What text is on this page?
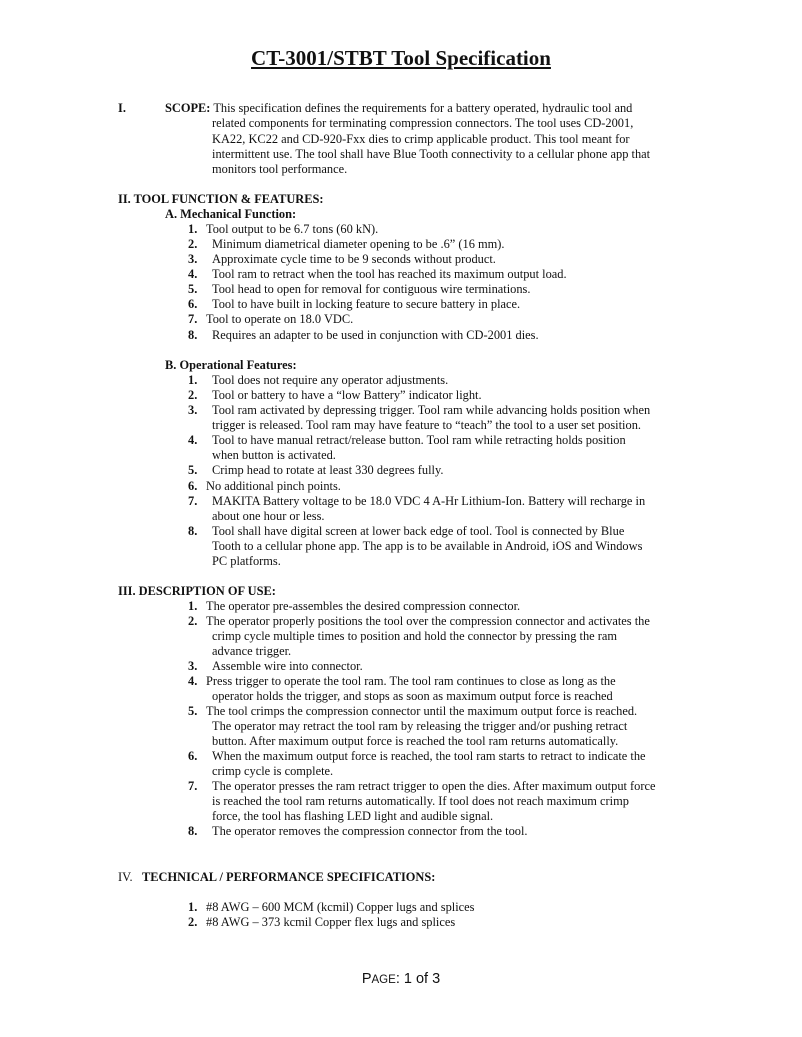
CT-3001/STBT Tool Specification
I.	SCOPE: This specification defines the requirements for a battery operated, hydraulic tool and
related components for terminating compression connectors. The tool uses CD-2001,
KA22, KC22 and CD-920-Fxx dies to crimp applicable product. This tool meant for
intermittent use. The tool shall have Blue Tooth connectivity to a cellular phone app that
monitors tool performance.
II. TOOL FUNCTION & FEATURES:
A. Mechanical Function:
1. Tool output to be 6.7 tons (60 kN).
2. Minimum diametrical diameter opening to be .6” (16 mm).
3. Approximate cycle time to be 9 seconds without product.
4. Tool ram to retract when the tool has reached its maximum output load.
5. Tool head to open for removal for contiguous wire terminations.
6. Tool to have built in locking feature to secure battery in place.
7. Tool to operate on 18.0 VDC.
8. Requires an adapter to be used in conjunction with CD-2001 dies.
B. Operational Features:
1. Tool does not require any operator adjustments.
2. Tool or battery to have a “low Battery” indicator light.
3. Tool ram activated by depressing trigger. Tool ram while advancing holds position when
trigger is released. Tool ram may have feature to “teach” the tool to a user set position.
4. Tool to have manual retract/release button. Tool ram while retracting holds position
when button is activated.
5. Crimp head to rotate at least 330 degrees fully.
6. No additional pinch points.
7. MAKITA Battery voltage to be 18.0 VDC 4 A-Hr Lithium-Ion. Battery will recharge in
about one hour or less.
8. Tool shall have digital screen at lower back edge of tool. Tool is connected by Blue
Tooth to a cellular phone app. The app is to be available in Android, iOS and Windows
PC platforms.
III. DESCRIPTION OF USE:
1. The operator pre-assembles the desired compression connector.
2. The operator properly positions the tool over the compression connector and activates the
crimp cycle multiple times to position and hold the connector by pressing the ram
advance trigger.
3. Assemble wire into connector.
4. Press trigger to operate the tool ram. The tool ram continues to close as long as the
operator holds the trigger, and stops as soon as maximum output force is reached
5. The tool crimps the compression connector until the maximum output force is reached.
The operator may retract the tool ram by releasing the trigger and/or pushing retract
button. After maximum output force is reached the tool ram returns automatically.
6. When the maximum output force is reached, the tool ram starts to retract to indicate the
crimp cycle is complete.
7. The operator presses the ram retract trigger to open the dies. After maximum output force
is reached the tool ram returns automatically. If tool does not reach maximum crimp
force, the tool has flashing LED light and audible signal.
8. The operator removes the compression connector from the tool.
IV. TECHNICAL / PERFORMANCE SPECIFICATIONS:
1. #8 AWG – 600 MCM (kcmil) Copper lugs and splices
2. #8 AWG – 373 kcmil Copper flex lugs and splices
PAGE: 1 of 3
